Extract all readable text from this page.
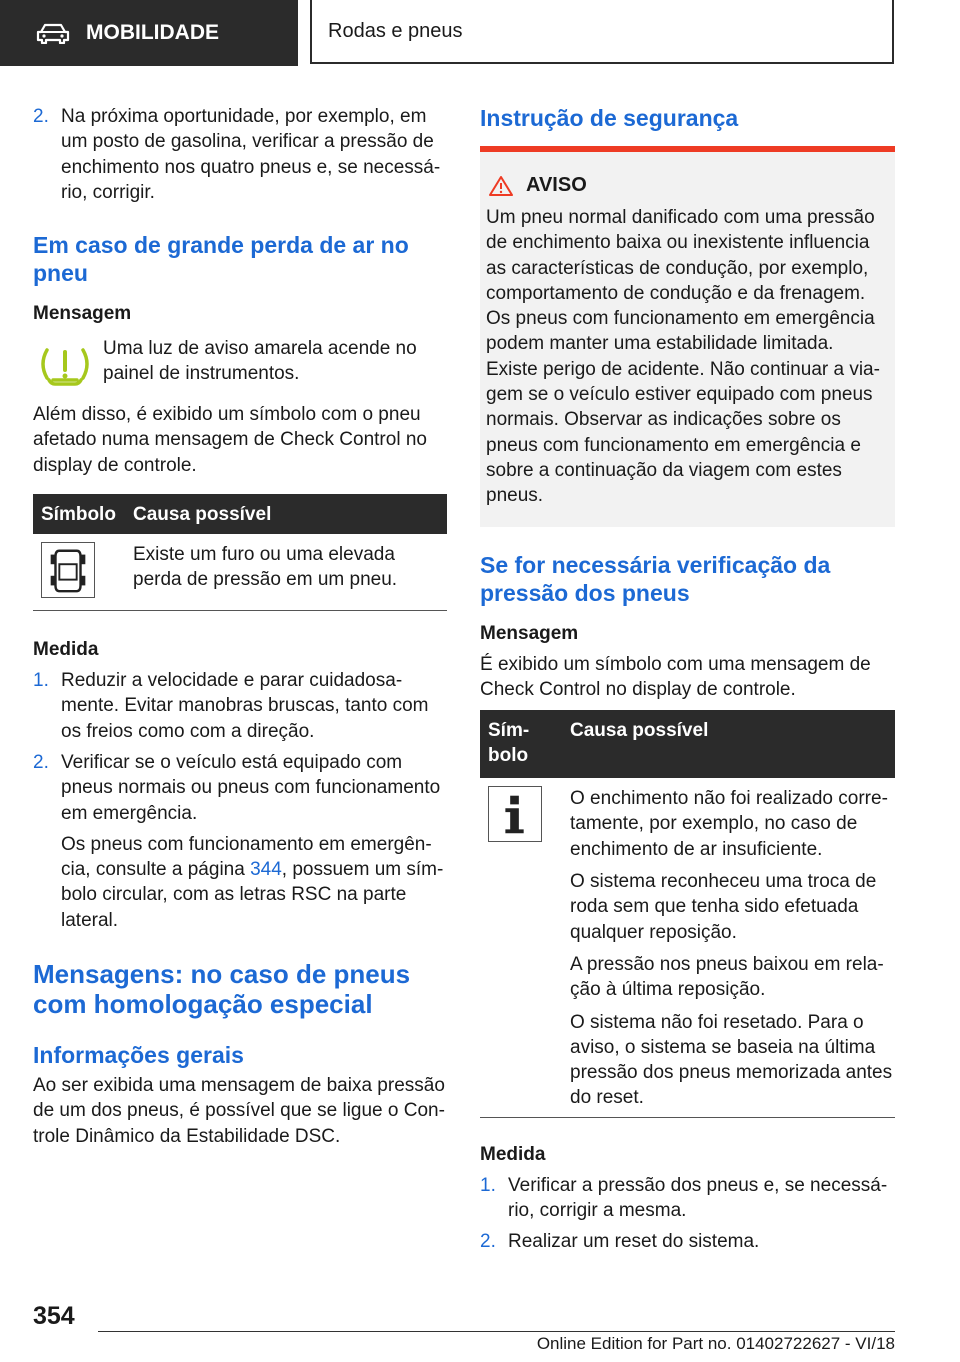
MOBILIDADE	Rodas e pneus
2. Na próxima oportunidade, por exemplo, em um posto de gasolina, verificar a pressão de enchimento nos quatro pneus e, se necessário, corrigir.
Em caso de grande perda de ar no pneu
Mensagem

Uma luz de aviso amarela acende no painel de instrumentos.

Além disso, é exibido um símbolo com o pneu afetado numa mensagem de Check Control no display de controle.

Símbolo Causa possível

Existe um furo ou uma elevada perda de pressão em um pneu.

Medida
1. Reduzir a velocidade e parar cuidadosamente. Evitar manobras bruscas, tanto com os freios como com a direção.
2. Verificar se o veículo está equipado com pneus normais ou pneus com funcionamento em emergência.
Os pneus com funcionamento em emergência, consulte a página 344, possuem um símbolo circular, com as letras RSC na parte lateral.
Mensagens: no caso de pneus com homologação especial
Informações gerais

Ao ser exibida uma mensagem de baixa pressão de um dos pneus, é possível que se ligue o Controle Dinâmico da Estabilidade DSC.

Instrução de segurança
AVISO

Um pneu normal danificado com uma pressão de enchimento baixa ou inexistente influencia as características de condução, por exemplo, comportamento de condução e da frenagem. Os pneus com funcionamento em emergência podem manter uma estabilidade limitada. Existe perigo de acidente. Não continuar a viagem se o veículo estiver equipado com pneus normais. Observar as indicações sobre os pneus com funcionamento em emergência e sobre a continuação da viagem com estes pneus.

Se for necessária verificação da pressão dos pneus
Mensagem

É exibido um símbolo com uma mensagem de Check Control no display de controle.

Sím-
bolo
Causa possível

O enchimento não foi realizado corretamente, por exemplo, no caso de enchimento de ar insuficiente.

O sistema reconheceu uma troca de roda sem que tenha sido efetuada qualquer reposição.

A pressão nos pneus baixou em relação à última reposição.

O sistema não foi resetado. Para o aviso, o sistema se baseia na última pressão dos pneus memorizada antes do reset.

Medida
1. Verificar a pressão dos pneus e, se necessário, corrigir a mesma.
2. Realizar um reset do sistema.
354
Online Edition for Part no. 01402722627 - VI/18
